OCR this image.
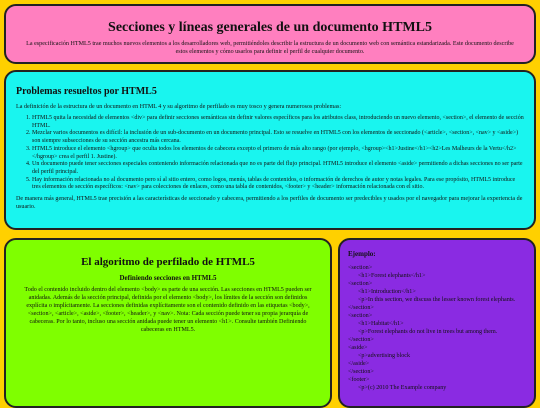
Secciones y líneas generales de un documento HTML5

La especificación HTML5 trae muchos nuevos elementos a los desarrolladores web, permitiéndoles describir la estructura de un documento web con semántica estandarizada. Este documento describe estos elementos y cómo usarlos para definir el perfil de cualquier documento.

Problemas resueltos por HTML5

La definición de la estructura de un documento en HTML 4 y su algoritmo de perfilado es muy tosco y genera numerosos problemas:

1. HTML5 quita la necesidad de elementos <div> para definir secciones semánticas sin definir valores específicos para los atributos class, introduciendo un nuevo elemento, <section>, el elemento de sección HTML.
2. Mezclar varios documentos es difícil: la inclusión de un sub-documento en un documento principal. Esto se resuelve en HTML5 con los elementos de seccionado (<article>, <section>, <nav> y <aside>) son siempre subsecciones de su sección ancestra más cercana.
3. HTML5 introduce el elemento <hgroup> que oculta todos los elementos de cabecera excepto el primero de más alto rango (por ejemplo, <hgroup><h1>Justine</h1><h2>Les Malheurs de la Vertu</h2></hgroup> crea el perfil 1. Justine).
4. Un documento puede tener secciones especiales conteniendo información relacionada que no es parte del flujo principal. HTML5 introduce el elemento <aside> permitiendo a dichas secciones no ser parte del perfil principal.
5. Hay información relacionada no al documento pero sí al sitio entero, como logos, menús, tablas de contenidos, o información de derechos de autor y notas legales. Para ese propósito, HTML5 introduce tres elementos de sección específicos: <nav> para colecciones de enlaces, como una tabla de contenidos, <footer> y <header> información relacionada con el sitio.

De manera más general, HTML5 trae precisión a las características de seccionado y cabecera, permitiendo a los perfiles de documento ser predecibles y usados por el navegador para mejorar la experiencia de usuario.

El algoritmo de perfilado de HTML5
Definiendo secciones en HTML5

Todo el contenido incluido dentro del elemento <body> es parte de una sección. Las secciones en HTML5 pueden ser anidadas. Además de la sección principal, definida por el elemento <body>, los límites de la sección son definidos explícita o implícitamente. La secciones definidas explícitamente son el contenido definido en las etiquetas <body>, <section>, <article>, <aside>, <footer>, <header>, y <nav>. Nota: Cada sección puede tener su propia jerarquía de cabeceras. Por lo tanto, incluso una sección anidada puede tener un elemento <h1>. Consulte también Definiendo cabeceras en HTML5.

Ejemplo:
<section>
<h1>Forest elephants</h1>
<section>
<h1>Introduction</h1>
<p>In this section, we discuss the lesser known forest elephants.
</section>
<section>
<h1>Habitat</h1>
<p>Forest elephants do not live in trees but among them.
</section>
<aside>
<p>advertising block
</aside>
</section>
<footer>
<p>(c) 2010 The Example company
